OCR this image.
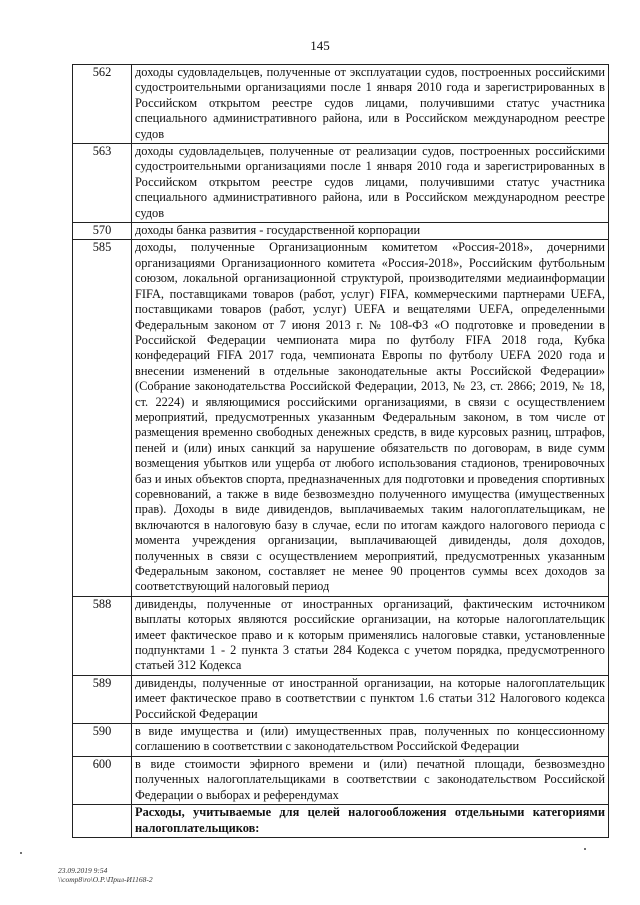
145
562	доходы судовладельцев, полученные от эксплуатации судов, построенных российскими судостроительными организациями после 1 января 2010 года и зарегистрированных в Российском открытом реестре судов лицами, получившими статус участника специального административного района, или в Российском международном реестре судов
563	доходы судовладельцев, полученные от реализации судов, построенных российскими судостроительными организациями после 1 января 2010 года и зарегистрированных в Российском открытом реестре судов лицами, получившими статус участника специального административного района, или в Российском международном реестре судов
570	доходы банка развития - государственной корпорации
585	доходы, полученные Организационным комитетом «Россия-2018», дочерними организациями Организационного комитета «Россия-2018», Российским футбольным союзом, локальной организационной структурой, производителями медиаинформации FIFA, поставщиками товаров (работ, услуг) FIFA, коммерческими партнерами UEFA, поставщиками товаров (работ, услуг) UEFA и вещателями UEFA, определенными Федеральным законом от 7 июня 2013 г. № 108-ФЗ «О подготовке и проведении в Российской Федерации чемпионата мира по футболу FIFA 2018 года, Кубка конфедераций FIFA 2017 года, чемпионата Европы по футболу UEFA 2020 года и внесении изменений в отдельные законодательные акты Российской Федерации» (Собрание законодательства Российской Федерации, 2013, № 23, ст. 2866; 2019, № 18, ст. 2224) и являющимися российскими организациями, в связи с осуществлением мероприятий, предусмотренных указанным Федеральным законом, в том числе от размещения временно свободных денежных средств, в виде курсовых разниц, штрафов, пеней и (или) иных санкций за нарушение обязательств по договорам, в виде сумм возмещения убытков или ущерба от любого использования стадионов, тренировочных баз и иных объектов спорта, предназначенных для подготовки и проведения спортивных соревнований, а также в виде безвозмездно полученного имущества (имущественных прав). Доходы в виде дивидендов, выплачиваемых таким налогоплательщикам, не включаются в налоговую базу в случае, если по итогам каждого налогового периода с момента учреждения организации, выплачивающей дивиденды, доля доходов, полученных в связи с осуществлением мероприятий, предусмотренных указанным Федеральным законом, составляет не менее 90 процентов суммы всех доходов за соответствующий налоговый период
588	дивиденды, полученные от иностранных организаций, фактическим источником выплаты которых являются российские организации, на которые налогоплательщик имеет фактическое право и к которым применялись налоговые ставки, установленные подпунктами 1 - 2 пункта 3 статьи 284 Кодекса с учетом порядка, предусмотренного статьей 312 Кодекса
589	дивиденды, полученные от иностранной организации, на которые налогоплательщик имеет фактическое право в соответствии с пунктом 1.6 статьи 312 Налогового кодекса Российской Федерации
590	в виде имущества и (или) имущественных прав, полученных по концессионному соглашению в соответствии с законодательством Российской Федерации
600	в виде стоимости эфирного времени и (или) печатной площади, безвозмездно полученных налогоплательщиками в соответствии с законодательством Российской Федерации о выборах и референдумах
	Расходы, учитываемые для целей налогообложения отдельными категориями налогоплательщиков:
23.09.2019 9:54
\\comp8\ro\О.Р.\Прил-И1168-2
